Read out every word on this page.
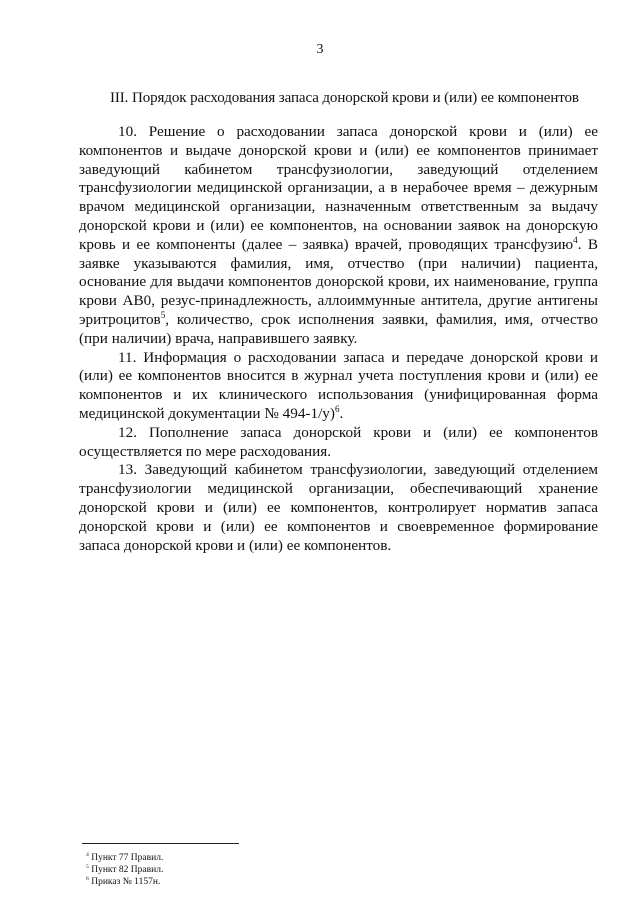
3
III. Порядок расходования запаса донорской крови и (или) ее компонентов

10. Решение о расходовании запаса донорской крови и (или) ее компонентов и выдаче донорской крови и (или) ее компонентов принимает заведующий кабинетом трансфузиологии, заведующий отделением трансфузиологии медицинской организации, а в нерабочее время – дежурным врачом медицинской организации, назначенным ответственным за выдачу донорской крови и (или) ее компонентов, на основании заявок на донорскую кровь и ее компоненты (далее – заявка) врачей, проводящих трансфузию$^4$. В заявке указываются фамилия, имя, отчество (при наличии) пациента, основание для выдачи компонентов донорской крови, их наименование, группа крови АВ0, резус-принадлежность, аллоиммунные антитела, другие антигены эритроцитов$^5$, количество, срок исполнения заявки, фамилия, имя, отчество (при наличии) врача, направившего заявку.

11. Информация о расходовании запаса и передаче донорской крови и (или) ее компонентов вносится в журнал учета поступления крови и (или) ее компонентов и их клинического использования (унифицированная форма медицинской документации № 494-1/у)$^6$.

12. Пополнение запаса донорской крови и (или) ее компонентов осуществляется по мере расходования.

13. Заведующий кабинетом трансфузиологии, заведующий отделением трансфузиологии медицинской организации, обеспечивающий хранение донорской крови и (или) ее компонентов, контролирует норматив запаса донорской крови и (или) ее компонентов и своевременное формирование запаса донорской крови и (или) ее компонентов.

$^4$ Пункт 77 Правил.
$^5$ Пункт 82 Правил.
$^6$ Приказ № 1157н.
